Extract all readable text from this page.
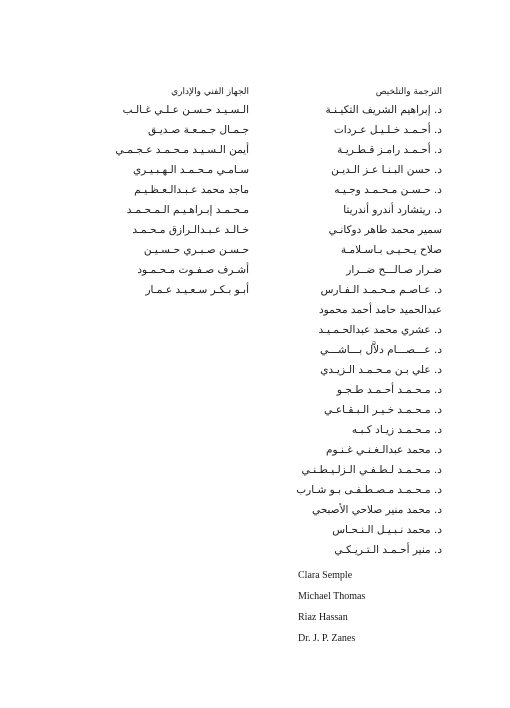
الترجمة والتلخيص
د. إبراهيم الشريف التكيـنـة
د. أحـمـد خـلـيـل عـردات
د. أحـمـد رامـز قـطـريـة
د. حسن البـنـا عـز الـديـن
د. حـسـن مـحـمـد وجـيـه
د. ريتشارد أندرو أندريتا
سمير محمد طاهر دوكانـي
صلاح يـحـيـى بـاسـلامـة
ضـرار صـالـــح ضــرار
د. عـاصـم مـحـمـد الـفـارس
عبدالحميد حامد أحمد محمود
د. عشري محمد عبدالحـمـيـد
د. عـــصـــام دلاَّل بـــاشـــي
د. علي بـن مـحـمـد الـزيـدي
د. مـحـمـد أحـمـد طـجـو
د. مـحـمـد خـيـر الـبـقـاعـي
د. مـحـمـد زيـاد كـبـه
د. محمد عبدالـغـنـي غـنـوم
د. مـحـمـد لـطـفـي الـزلـيـطـنـي
د. مـحـمـد مـصـطـفـى بـو شـارب
د. محمد منير صلاحي الأصبحي
د. محمد نـبـيـل الـنـحـاس
د. منير أحـمـد الـتـريـكـي
الجهاز الفني والإداري
الـسـيـد حـسـن عـلـي غـالـب
جـمـال جـمـعـة صـديـق
أيمن الـسـيـد مـحـمـد عـجـمـي
سـامـي مـحـمـد الـهـبـيـري
ماجد محمد عـبـدالـعـظـيـم
مـحـمـد إبـراهـيـم الـمـحـمـد
خـالـد عـبـدالـرازق مـحـمـد
حـسـن صـبـري حـسـيـن
أشـرف صـفـوت مـحـمـود
أبـو بـكـر سـعـيـد عـمـار
Clara Semple
Michael Thomas
Riaz Hassan
Dr. J. P. Zanes
